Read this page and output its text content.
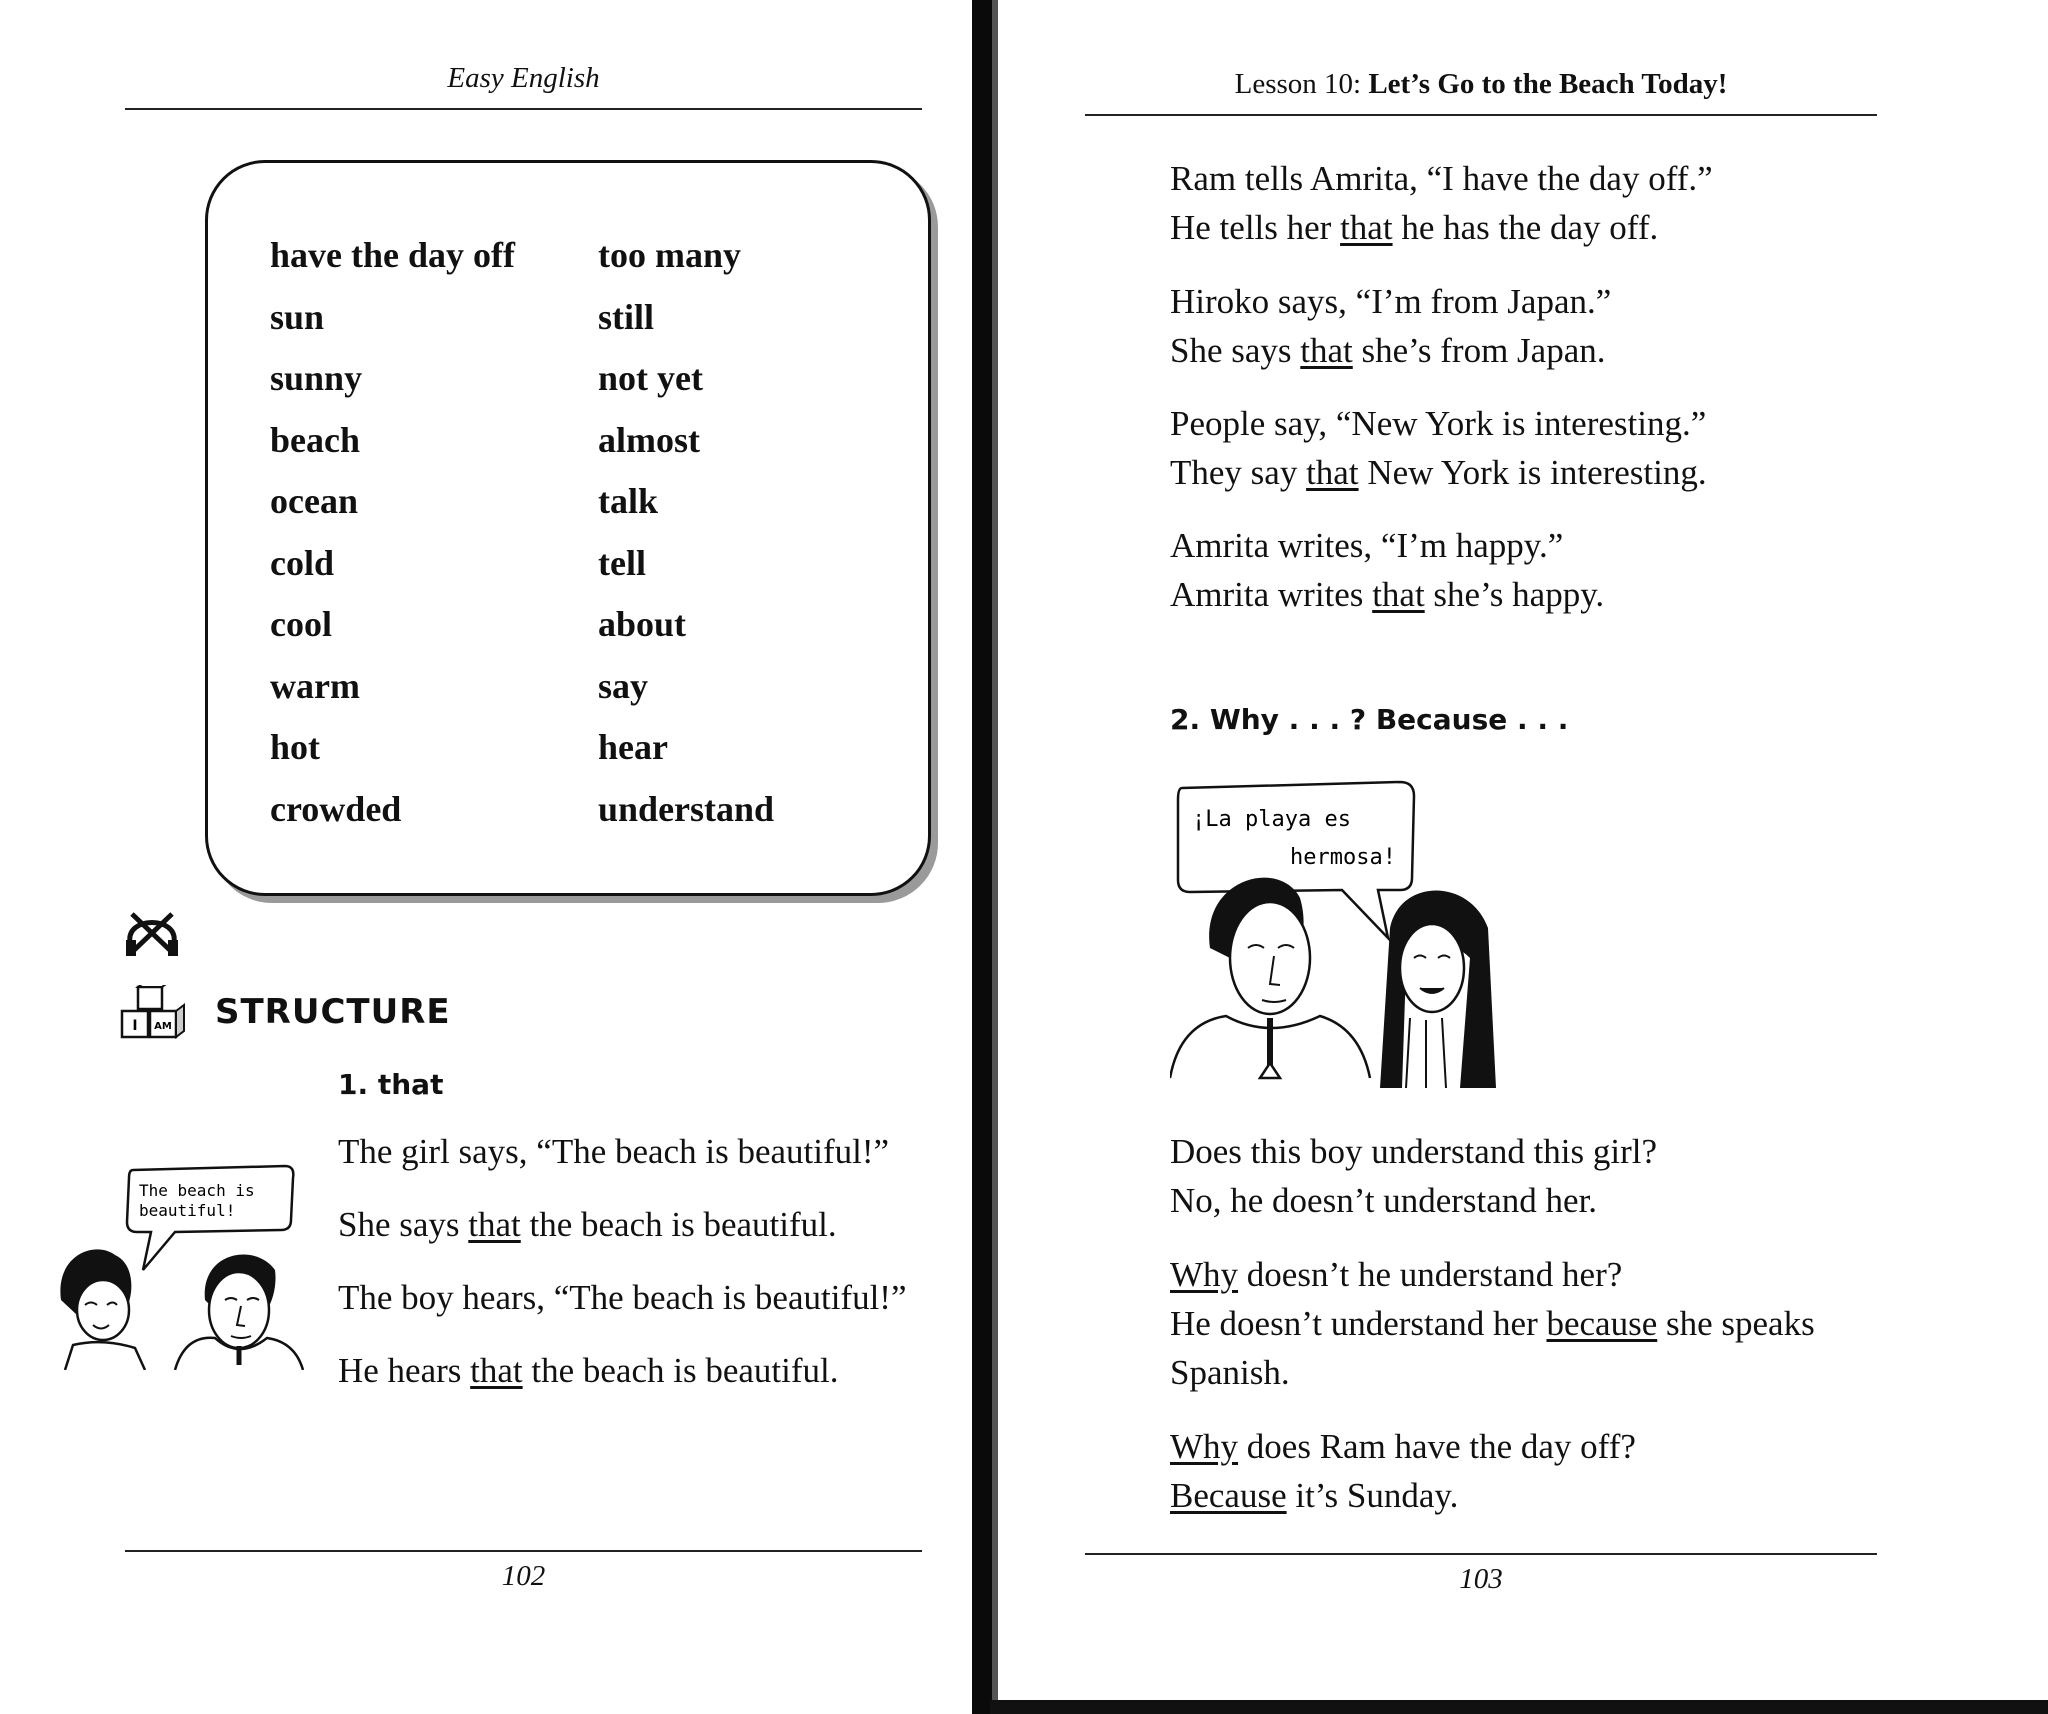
Easy English
have the day off
sun
sunny
beach
ocean
cold
cool
warm
hot
crowded
too many
still
not yet
almost
talk
tell
about
say
hear
understand
I AM STRUCTURE
1. that
The beach is
beautiful!
The girl says, “The beach is beautiful!”
She says that the beach is beautiful.
The boy hears, “The beach is beautiful!”
He hears that the beach is beautiful.
102
Lesson 10: Let’s Go to the Beach Today!

Ram tells Amrita, “I have the day off.”

He tells her that he has the day off.

Hiroko says, “I’m from Japan.”

She says that she’s from Japan.

People say, “New York is interesting.”

They say that New York is interesting.

Amrita writes, “I’m happy.”

Amrita writes that she’s happy.

2. Why . . . ? Because . . .
¡La playa es
hermosa!

Does this boy understand this girl?

No, he doesn’t understand her.

Why doesn’t he understand her?

He doesn’t understand her because she speaks Spanish.

Why does Ram have the day off?

Because it’s Sunday.

103
